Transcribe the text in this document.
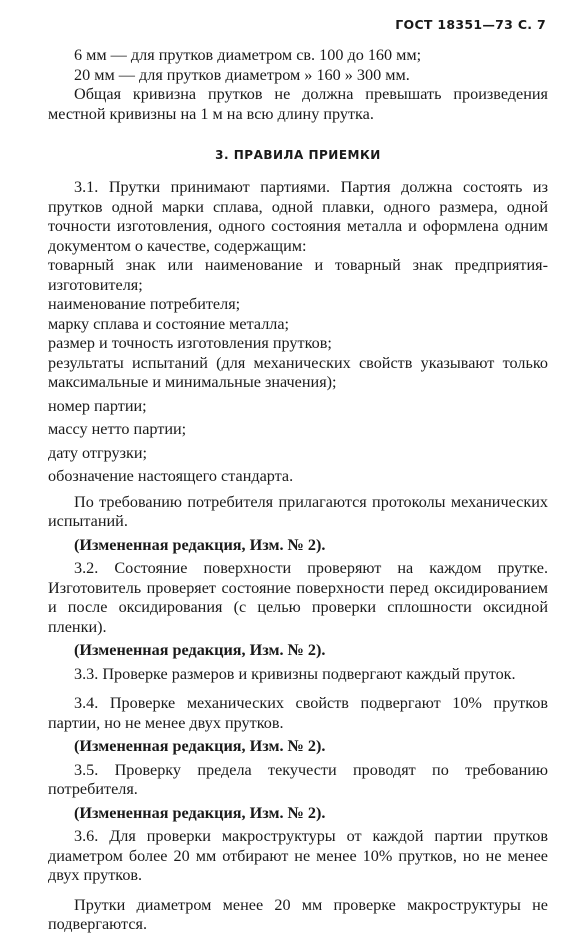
ГОСТ 18351—73 С. 7

6 мм — для прутков диаметром св. 100 до 160 мм;

20 мм — для прутков диаметром » 160 » 300 мм.

Общая кривизна прутков не должна превышать произведения местной кривизны на 1 м на всю длину прутка.

3. ПРАВИЛА ПРИЕМКИ

3.1. Прутки принимают партиями. Партия должна состоять из прутков одной марки сплава, одной плавки, одного размера, одной точности изготовления, одного состояния металла и оформлена одним документом о качестве, содержащим:

товарный знак или наименование и товарный знак предприятия-изготовителя;

наименование потребителя;

марку сплава и состояние металла;

размер и точность изготовления прутков;

результаты испытаний (для механических свойств указывают только максимальные и минимальные значения);

номер партии;

массу нетто партии;

дату отгрузки;

обозначение настоящего стандарта.

По требованию потребителя прилагаются протоколы механических испытаний.

(Измененная редакция, Изм. № 2).

3.2. Состояние поверхности проверяют на каждом прутке. Изготовитель проверяет состояние поверхности перед оксидированием и после оксидирования (с целью проверки сплошности оксидной пленки).

(Измененная редакция, Изм. № 2).

3.3. Проверке размеров и кривизны подвергают каждый пруток.

3.4. Проверке механических свойств подвергают 10% прутков партии, но не менее двух прутков.

(Измененная редакция, Изм. № 2).

3.5. Проверку предела текучести проводят по требованию потребителя.

(Измененная редакция, Изм. № 2).

3.6. Для проверки макроструктуры от каждой партии прутков диаметром более 20 мм отбирают не менее 10% прутков, но не менее двух прутков.

Прутки диаметром менее 20 мм проверке макроструктуры не подвергаются.
